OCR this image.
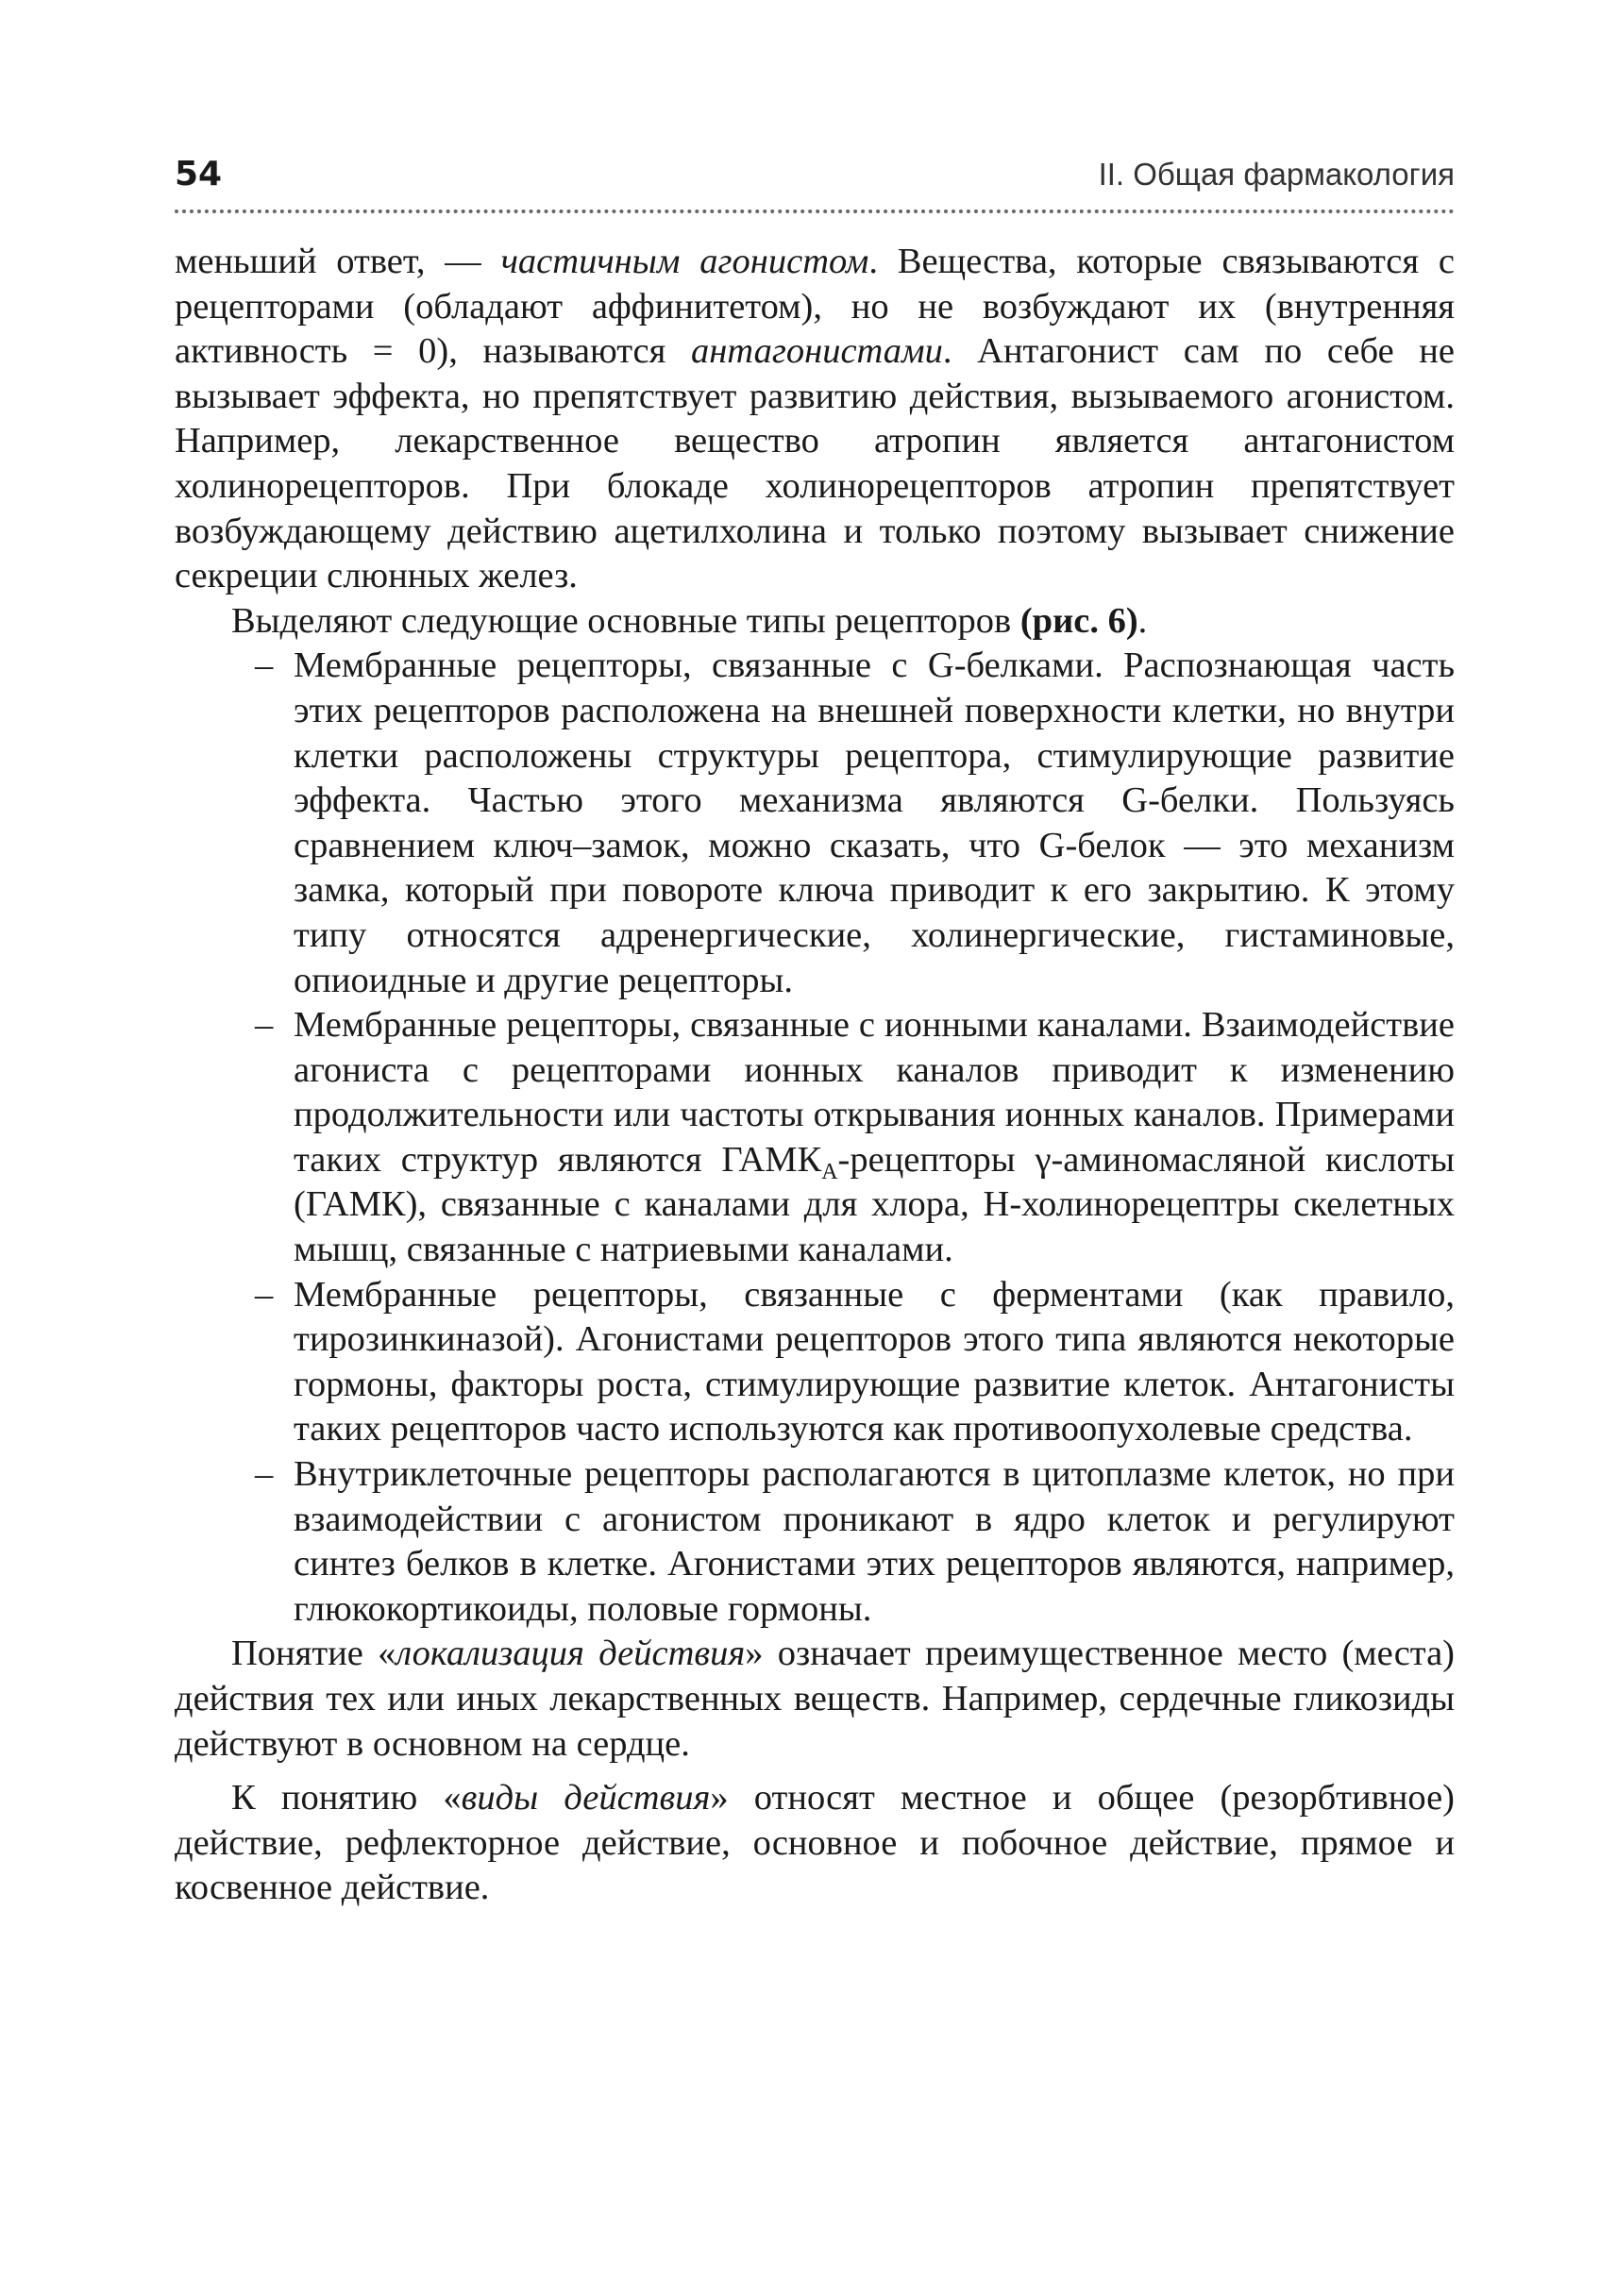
54	II. Общая фармакология

меньший ответ, — частичным агонистом. Вещества, которые связываются с рецепторами (обладают аффинитетом), но не возбуждают их (внутренняя активность = 0), называются антагонистами. Антагонист сам по себе не вызывает эффекта, но препятствует развитию действия, вызываемого агонистом. Например, лекарственное вещество атропин является антагонистом холинорецепторов. При блокаде холинорецепторов атропин препятствует возбуждающему действию ацетилхолина и только поэтому вызывает снижение секреции слюнных желез.

Выделяют следующие основные типы рецепторов (рис. 6).

– Мембранные рецепторы, связанные с G-белками. Распознающая часть этих рецепторов расположена на внешней поверхности клетки, но внутри клетки расположены структуры рецептора, стимулирующие развитие эффекта. Частью этого механизма являются G-белки. Пользуясь сравнением ключ–замок, можно сказать, что G-белок — это механизм замка, который при повороте ключа приводит к его закрытию. К этому типу относятся адренергические, холинергические, гистаминовые, опиоидные и другие рецепторы.
– Мембранные рецепторы, связанные с ионными каналами. Взаимодействие агониста с рецепторами ионных каналов приводит к изменению продолжительности или частоты открывания ионных каналов. Примерами таких структур являются $ГАМК_А$-рецепторы γ-аминомасляной кислоты (ГАМК), связанные с каналами для хлора, Н-холинорецептры скелетных мышц, связанные с натриевыми каналами.
– Мембранные рецепторы, связанные с ферментами (как правило, тирозинкиназой). Агонистами рецепторов этого типа являются некоторые гормоны, факторы роста, стимулирующие развитие клеток. Антагонисты таких рецепторов часто используются как противоопухолевые средства.
– Внутриклеточные рецепторы располагаются в цитоплазме клеток, но при взаимодействии с агонистом проникают в ядро клеток и регулируют синтез белков в клетке. Агонистами этих рецепторов являются, например, глюкокортикоиды, половые гормоны.

Понятие «локализация действия» означает преимущественное место (места) действия тех или иных лекарственных веществ. Например, сердечные гликозиды действуют в основном на сердце.

К понятию «виды действия» относят местное и общее (резорбтивное) действие, рефлекторное действие, основное и побочное действие, прямое и косвенное действие.
